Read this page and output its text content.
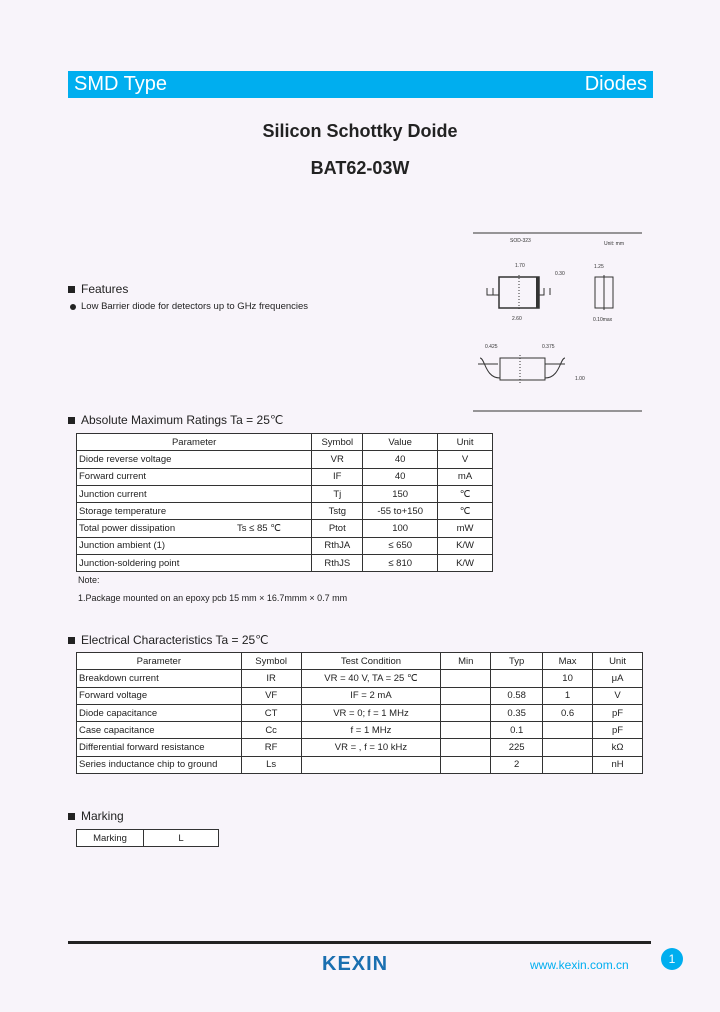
SMD Type	Diodes
Silicon Schottky Doide
BAT62-03W
SOD-323	Unit: mm
1.70
2.60
0.30
1.25
0.10max
0.425	0.375
1.00
Features
Low Barrier diode for detectors up to GHz frequencies
Absolute Maximum Ratings Ta = 25℃
Parameter	Symbol	Value	Unit
Diode reverse voltage	VR	40	V
Forward current	IF	40	mA
Junction current	Tj	150	℃
Storage temperature	Tstg	-55 to+150	℃
Total power dissipation Ts ≤ 85 ℃	Ptot	100	mW
Junction ambient (1)	RthJA	≤ 650	K/W
Junction-soldering point	RthJS	≤ 810	K/W
Note:
1.Package mounted on an epoxy pcb 15 mm × 16.7mmm × 0.7 mm
Electrical Characteristics Ta = 25℃
Parameter	Symbol	Test Condition	Min	Typ	Max	Unit
Breakdown current	IR	VR = 40 V, TA = 25 ℃			10	μA
Forward voltage	VF	IF = 2 mA		0.58	1	V
Diode capacitance	CT	VR = 0; f = 1 MHz		0.35	0.6	pF
Case capacitance	Cc	f = 1 MHz		0.1		pF
Differential forward resistance	RF	VR = , f = 10 kHz		225		kΩ
Series inductance chip to ground	Ls			2		nH
Marking
Marking	L
KEXIN	www.kexin.com.cn	1
